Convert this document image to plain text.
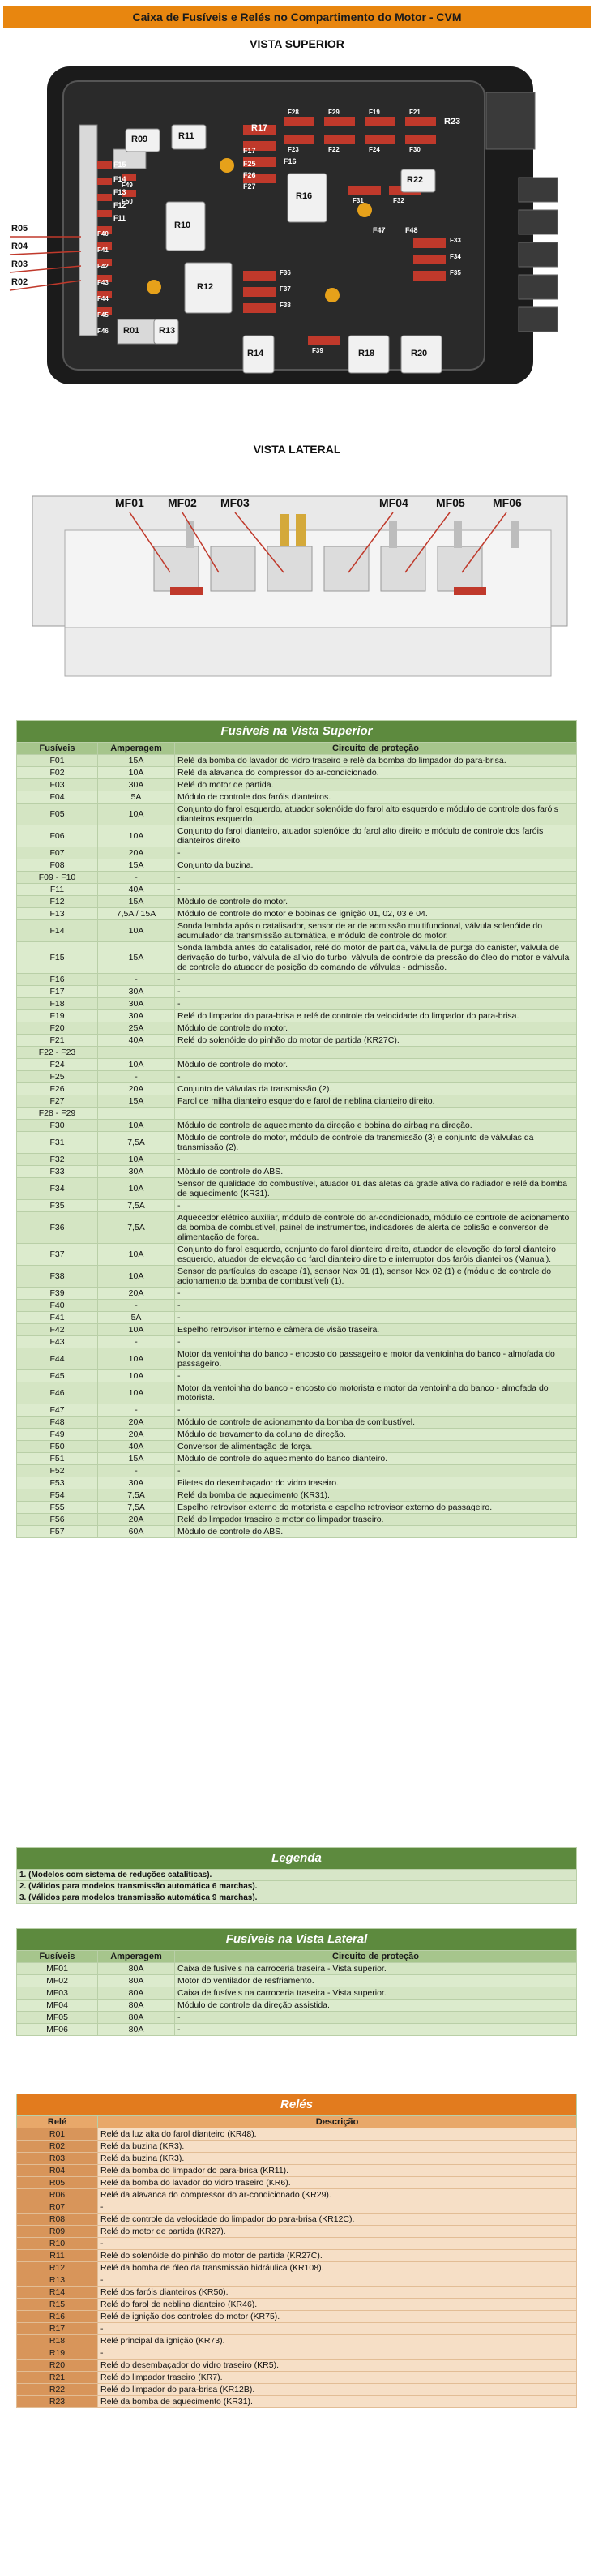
Caixa de Fusíveis e Relés no Compartimento do Motor - CVM
VISTA SUPERIOR
R05
R04
R03
R02
F15
F14
F13
F12
F11
F16
F17
F25
F26
F27
F28	F29	F19	F21
F23	F22	F24	F30
F31	F32
F33
F34
F35
F36
F37
F38
F39
F40
F41
F42
F43
F44
F45
F46
F47	F48
F49
F50
R09	R11
R16
R10
R12
R17
R23
R22
R13
R14	R18	R20
R01
VISTA LATERAL
MF01 MF02 MF03	MF04 MF05 MF06
Fusíveis na Vista Superior		
Fusíveis	Amperagem	Circuito de proteção
F01	15A	Relé da bomba do lavador do vidro traseiro e relé da bomba do limpador do para-brisa.
F02	10A	Relé da alavanca do compressor do ar-condicionado.
F03	30A	Relé do motor de partida.
F04	5A	Módulo de controle dos faróis dianteiros.
F05	10A	Conjunto do farol esquerdo, atuador solenóide do farol alto esquerdo e módulo de controle dos faróis dianteiros esquerdo.
F06	10A	Conjunto do farol dianteiro, atuador solenóide do farol alto direito e módulo de controle dos faróis dianteiros direito.
F07	20A	-
F08	15A	Conjunto da buzina.
F09 - F10	-	-
F11	40A	-
F12	15A	Módulo de controle do motor.
F13	7,5A / 15A	Módulo de controle do motor e bobinas de ignição 01, 02, 03 e 04.
F14	10A	Sonda lambda após o catalisador, sensor de ar de admissão multifuncional, válvula solenóide do acumulador da transmissão automática, e módulo de controle do motor.
F15	15A	Sonda lambda antes do catalisador, relé do motor de partida, válvula de purga do canister, válvula de derivação do turbo, válvula de alívio do turbo, válvula de controle da pressão do óleo do motor e válvula de controle do atuador de posição do comando de válvulas - admissão.
F16	-	-
F17	30A	-
F18	30A	-
F19	30A	Relé do limpador do para-brisa e relé de controle da velocidade do limpador do para-brisa.
F20	25A	Módulo de controle do motor.
F21	40A	Relé do solenóide do pinhão do motor de partida (KR27C).
F22 - F23		
F24	10A	Módulo de controle do motor.
F25	-	-
F26	20A	Conjunto de válvulas da transmissão (2).
F27	15A	Farol de milha dianteiro esquerdo e farol de neblina dianteiro direito.
F28 - F29		
F30	10A	Módulo de controle de aquecimento da direção e bobina do airbag na direção.
F31	7,5A	Módulo de controle do motor, módulo de controle da transmissão (3) e conjunto de válvulas da transmissão (2).
F32	10A	-
F33	30A	Módulo de controle do ABS.
F34	10A	Sensor de qualidade do combustível, atuador 01 das aletas da grade ativa do radiador e relé da bomba de aquecimento (KR31).
F35	7,5A	-
F36	7,5A	Aquecedor elétrico auxiliar, módulo de controle do ar-condicionado, módulo de controle de acionamento da bomba de combustível, painel de instrumentos, indicadores de alerta de colisão e conversor de alimentação de força.
F37	10A	Conjunto do farol esquerdo, conjunto do farol dianteiro direito, atuador de elevação do farol dianteiro esquerdo, atuador de elevação do farol dianteiro direito e interruptor dos faróis dianteiros (Manual).
F38	10A	Sensor de partículas do escape (1), sensor Nox 01 (1), sensor Nox 02 (1) e (módulo de controle do acionamento da bomba de combustível) (1).
F39	20A	-
F40	-	-
F41	5A	-
F42	10A	Espelho retrovisor interno e câmera de visão traseira.
F43	-	-
F44	10A	Motor da ventoinha do banco - encosto do passageiro e motor da ventoinha do banco - almofada do passageiro.
F45	10A	-
F46	10A	Motor da ventoinha do banco - encosto do motorista e motor da ventoinha do banco - almofada do motorista.
F47	-	-
F48	20A	Módulo de controle de acionamento da bomba de combustível.
F49	20A	Módulo de travamento da coluna de direção.
F50	40A	Conversor de alimentação de força.
F51	15A	Módulo de controle do aquecimento do banco dianteiro.
F52	-	-
F53	30A	Filetes do desembaçador do vidro traseiro.
F54	7,5A	Relé da bomba de aquecimento (KR31).
F55	7,5A	Espelho retrovisor externo do motorista e espelho retrovisor externo do passageiro.
F56	20A	Relé do limpador traseiro e motor do limpador traseiro.
F57	60A	Módulo de controle do ABS.
Legenda
1. (Modelos com sistema de reduções catalíticas).
2. (Válidos para modelos transmissão automática 6 marchas).
3. (Válidos para modelos transmissão automática 9 marchas).
Fusíveis na Vista Lateral		
Fusíveis	Amperagem	Circuito de proteção
MF01	80A	Caixa de fusíveis na carroceria traseira - Vista superior.
MF02	80A	Motor do ventilador de resfriamento.
MF03	80A	Caixa de fusíveis na carroceria traseira - Vista superior.
MF04	80A	Módulo de controle da direção assistida.
MF05	80A	-
MF06	80A	-
Relés	
Relé	Descrição
R01	Relé da luz alta do farol dianteiro (KR48).
R02	Relé da buzina (KR3).
R03	Relé da buzina (KR3).
R04	Relé da bomba do limpador do para-brisa (KR11).
R05	Relé da bomba do lavador do vidro traseiro (KR6).
R06	Relé da alavanca do compressor do ar-condicionado (KR29).
R07	-
R08	Relé de controle da velocidade do limpador do para-brisa (KR12C).
R09	Relé do motor de partida (KR27).
R10	-
R11	Relé do solenóide do pinhão do motor de partida (KR27C).
R12	Relé da bomba de óleo da transmissão hidráulica (KR108).
R13	-
R14	Relé dos faróis dianteiros (KR50).
R15	Relé do farol de neblina dianteiro (KR46).
R16	Relé de ignição dos controles do motor (KR75).
R17	-
R18	Relé principal da ignição (KR73).
R19	-
R20	Relé do desembaçador do vidro traseiro (KR5).
R21	Relé do limpador traseiro (KR7).
R22	Relé do limpador do para-brisa (KR12B).
R23	Relé da bomba de aquecimento (KR31).
